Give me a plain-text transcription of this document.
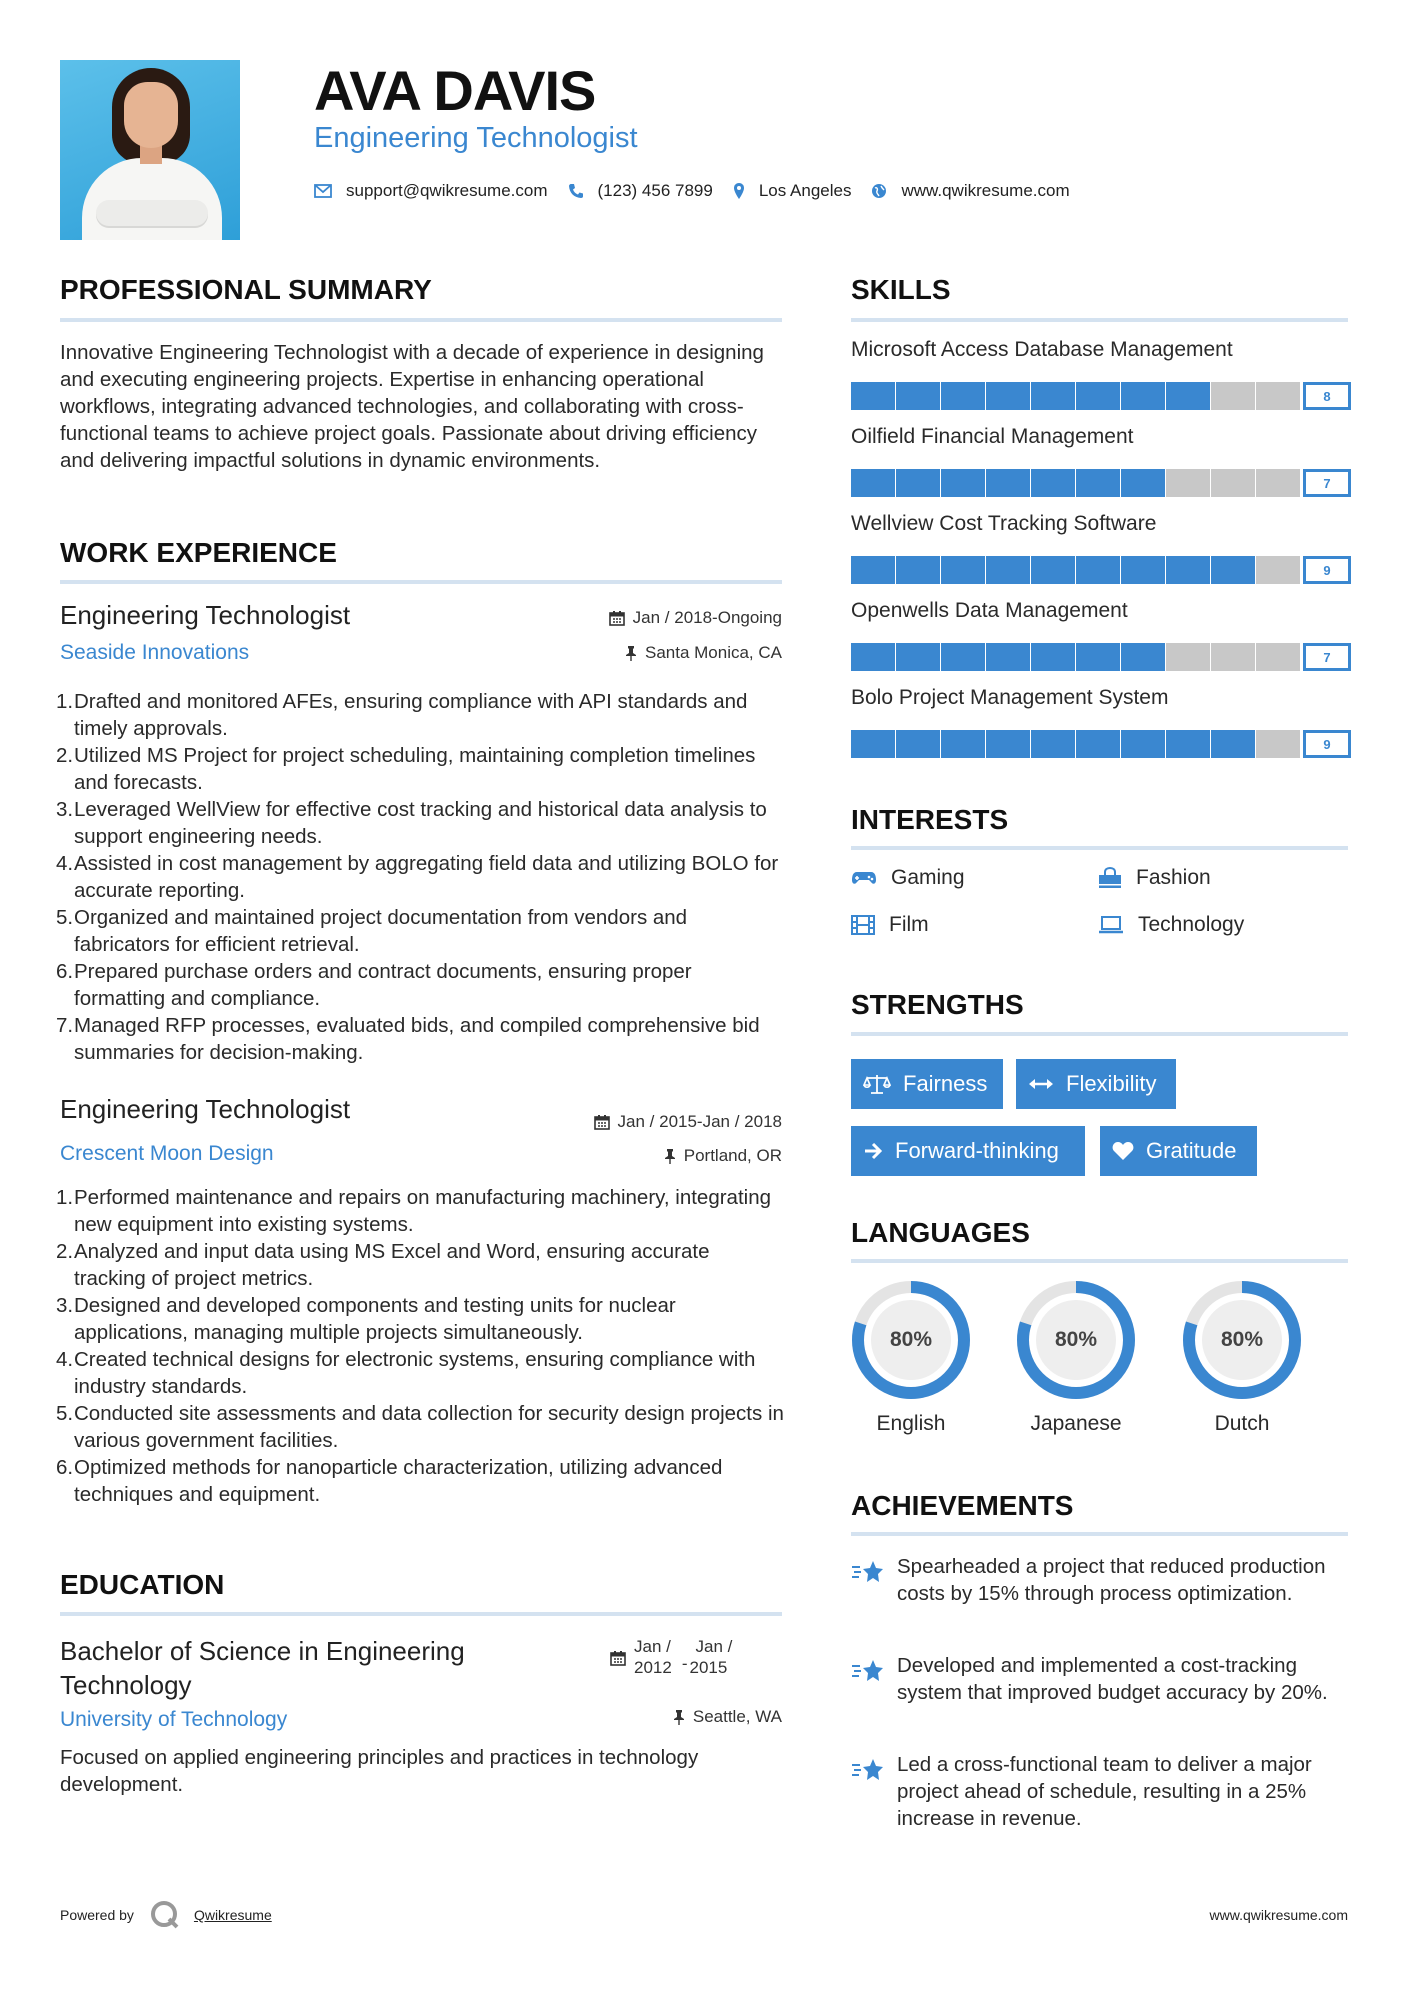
AVA DAVIS
Engineering Technologist
support@qwikresume.com	(123) 456 7899	Los Angeles	www.qwikresume.com
PROFESSIONAL SUMMARY
Innovative Engineering Technologist with a decade of experience in designing and executing engineering projects. Expertise in enhancing operational workflows, integrating advanced technologies, and collaborating with cross-functional teams to achieve project goals. Passionate about driving efficiency and delivering impactful solutions in dynamic environments.
WORK EXPERIENCE
Engineering Technologist	Jan / 2018-Ongoing
Seaside Innovations	Santa Monica, CA
1. Drafted and monitored AFEs, ensuring compliance with API standards and timely approvals.
2. Utilized MS Project for project scheduling, maintaining completion timelines and forecasts.
3. Leveraged WellView for effective cost tracking and historical data analysis to support engineering needs.
4. Assisted in cost management by aggregating field data and utilizing BOLO for accurate reporting.
5. Organized and maintained project documentation from vendors and fabricators for efficient retrieval.
6. Prepared purchase orders and contract documents, ensuring proper formatting and compliance.
7. Managed RFP processes, evaluated bids, and compiled comprehensive bid summaries for decision-making.
Engineering Technologist	Jan / 2015-Jan / 2018
Crescent Moon Design	Portland, OR
1. Performed maintenance and repairs on manufacturing machinery, integrating new equipment into existing systems.
2. Analyzed and input data using MS Excel and Word, ensuring accurate tracking of project metrics.
3. Designed and developed components and testing units for nuclear applications, managing multiple projects simultaneously.
4. Created technical designs for electronic systems, ensuring compliance with industry standards.
5. Conducted site assessments and data collection for security design projects in various government facilities.
6. Optimized methods for nanoparticle characterization, utilizing advanced techniques and equipment.
EDUCATION
Bachelor of Science in Engineering
Technology
University of Technology
Jan /
2012 -
Jan /
2015
Seattle, WA
Focused on applied engineering principles and practices in technology development.
SKILLS
Microsoft Access Database Management
8
Oilfield Financial Management
7
Wellview Cost Tracking Software
9
Openwells Data Management
7
Bolo Project Management System
9
INTERESTS
Gaming	Fashion
Film	Technology
STRENGTHS
Fairness	Flexibility
Forward-thinking	Gratitude
LANGUAGES
80%
English
80%
Japanese
80%
Dutch
ACHIEVEMENTS
Spearheaded a project that reduced production costs by 15% through process optimization.
Developed and implemented a cost-tracking system that improved budget accuracy by 20%.
Led a cross-functional team to deliver a major project ahead of schedule, resulting in a 25% increase in revenue.
Powered by	Qwikresume	www.qwikresume.com
